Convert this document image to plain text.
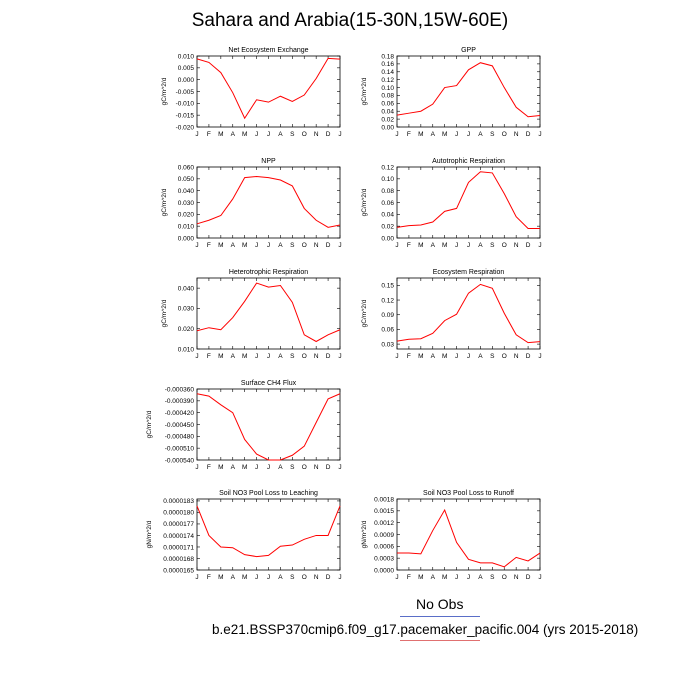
Sahara and Arabia(15-30N,15W-60E)
Net Ecosystem Exchange
gC/m^2/d
0.010
0.005
0.000
-0.005
-0.010
-0.015
-0.020
J F M A M J J A S O N D J
GPP
gC/m^2/d
0.18
0.16
0.14
0.12
0.10
0.08
0.06
0.04
0.02
0.00
J F M A M J J A S O N D J
NPP
gC/m^2/d
0.060
0.050
0.040
0.030
0.020
0.010
0.000
J F M A M J J A S O N D J
Autotrophic Respiration
gC/m^2/d
0.12
0.10
0.08
0.06
0.04
0.02
0.00
J F M A M J J A S O N D J
Heterotrophic Respiration
gC/m^2/d
0.040
0.030
0.020
0.010
J F M A M J J A S O N D J
Ecosystem Respiration
gC/m^2/d
0.15
0.12
0.09
0.06
0.03
J F M A M J J A S O N D J
Surface CH4 Flux
gC/m^2/d
-0.000360
-0.000390
-0.000420
-0.000450
-0.000480
-0.000510
-0.000540
J F M A M J J A S O N D J
Soil NO3 Pool Loss to Leaching
gN/m^2/d
0.0000183
0.0000180
0.0000177
0.0000174
0.0000171
0.0000168
0.0000165
J F M A M J J A S O N D J
Soil NO3 Pool Loss to Runoff
gN/m^2/d
0.0018
0.0015
0.0012
0.0009
0.0006
0.0003
0.0000
J F M A M J J A S O N D J
No Obs
b.e21.BSSP370cmip6.f09_g17.pacemaker_pacific.004 (yrs 2015-2018)
